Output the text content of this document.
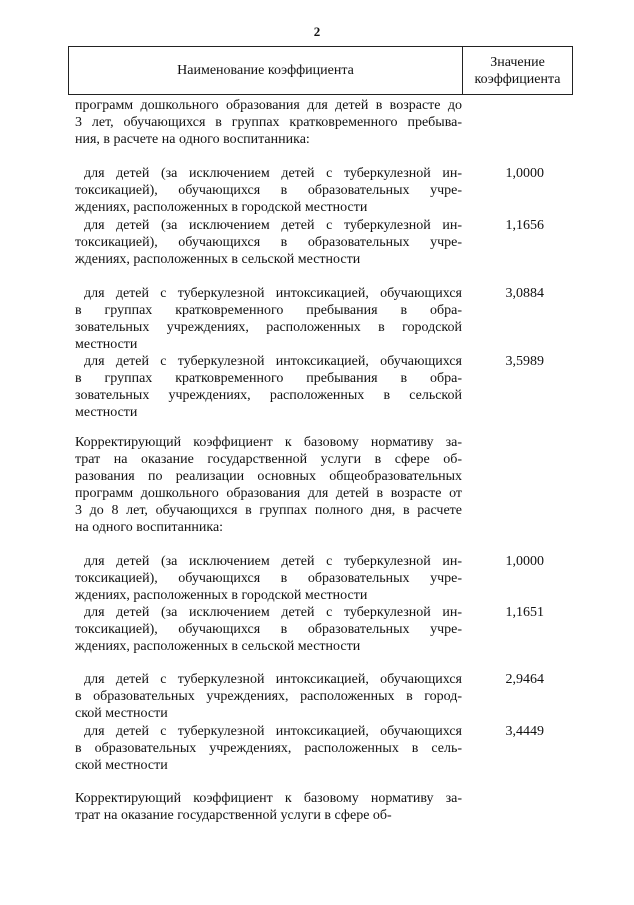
2
Наименование коэффициента
Значение
коэффициента
программ дошкольного образования для детей в возрасте до
3 лет, обучающихся в группах кратковременного пребыва-
ния, в расчете на одного воспитанника:
для детей (за исключением детей с туберкулезной ин-
токсикацией), обучающихся в образовательных учре-
ждениях, расположенных в городской местности
1,0000
для детей (за исключением детей с туберкулезной ин-
токсикацией), обучающихся в образовательных учре-
ждениях, расположенных в сельской местности
1,1656
для детей с туберкулезной интоксикацией, обучающихся
в группах кратковременного пребывания в обра-
зовательных учреждениях, расположенных в городской
местности
3,0884
для детей с туберкулезной интоксикацией, обучающихся
в группах кратковременного пребывания в обра-
зовательных учреждениях, расположенных в сельской
местности
3,5989
Корректирующий коэффициент к базовому нормативу за-
трат на оказание государственной услуги в сфере об-
разования по реализации основных общеобразовательных
программ дошкольного образования для детей в возрасте от
3 до 8 лет, обучающихся в группах полного дня, в расчете
на одного воспитанника:
для детей (за исключением детей с туберкулезной ин-
токсикацией), обучающихся в образовательных учре-
ждениях, расположенных в городской местности
1,0000
для детей (за исключением детей с туберкулезной ин-
токсикацией), обучающихся в образовательных учре-
ждениях, расположенных в сельской местности
1,1651
для детей с туберкулезной интоксикацией, обучающихся
в образовательных учреждениях, расположенных в город-
ской местности
2,9464
для детей с туберкулезной интоксикацией, обучающихся
в образовательных учреждениях, расположенных в сель-
ской местности
3,4449
Корректирующий коэффициент к базовому нормативу за-
трат на оказание государственной услуги в сфере об-
